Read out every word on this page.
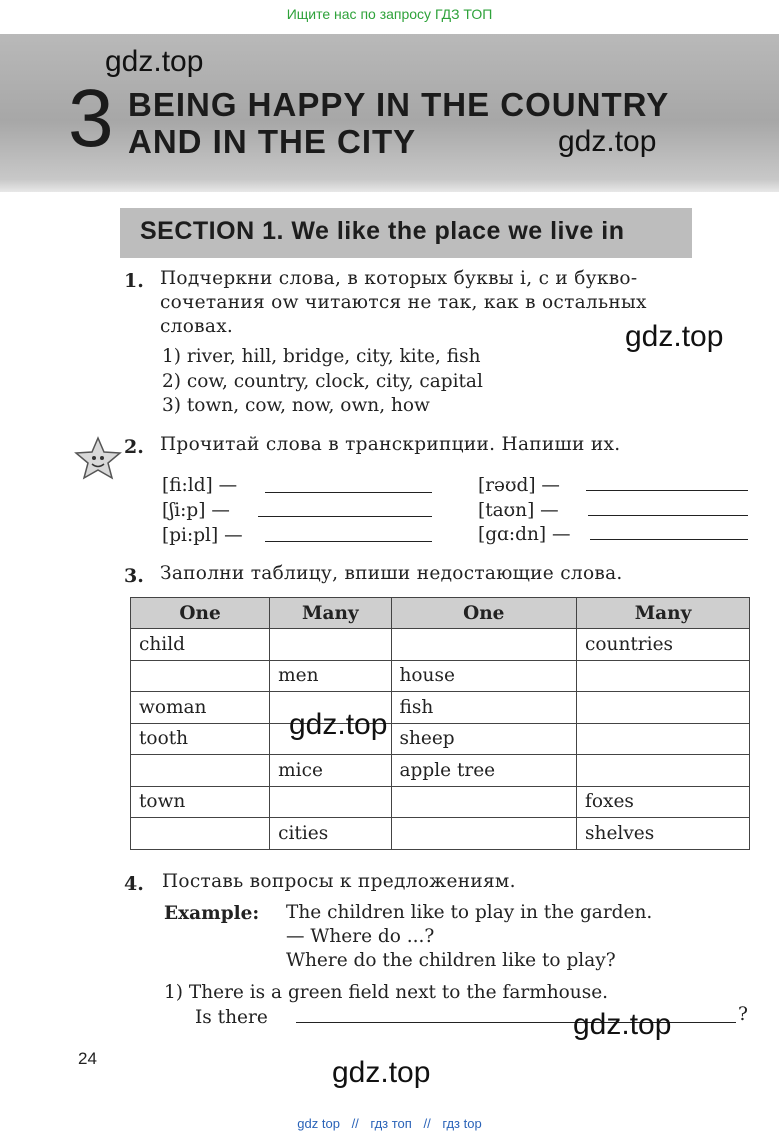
Ищите нас по запросу ГДЗ ТОП
3 BEING HAPPY IN THE COUNTRY
AND IN THE CITY
gdz.top
gdz.top
SECTION 1. We like the place we live in
1. Подчеркни слова, в которых буквы i, с и букво-
сочетания ow читаются не так, как в остальных
словах.
1) river, hill, bridge, city, kite, fish
2) cow, country, clock, city, capital
3) town, cow, now, own, how
gdz.top
2. Прочитай слова в транскрипции. Напиши их.
[fi:ld] —
[ʃi:p] —
[pi:pl] —
[rəʊd] —
[taʊn] —
[gɑ:dn] —
3. Заполни таблицу, впиши недостающие слова.
One	Many	One	Many
child			countries
	men	house	
woman		fish	
tooth		sheep	
	mice	apple tree	
town			foxes
	cities		shelves
gdz.top
4. Поставь вопросы к предложениям.
Example: The children like to play in the garden.
— Where do ...?
Where do the children like to play?
1) There is a green field next to the farmhouse.
Is there	?
gdz.top
24	gdz.top
gdz top // гдз топ // гдз top
